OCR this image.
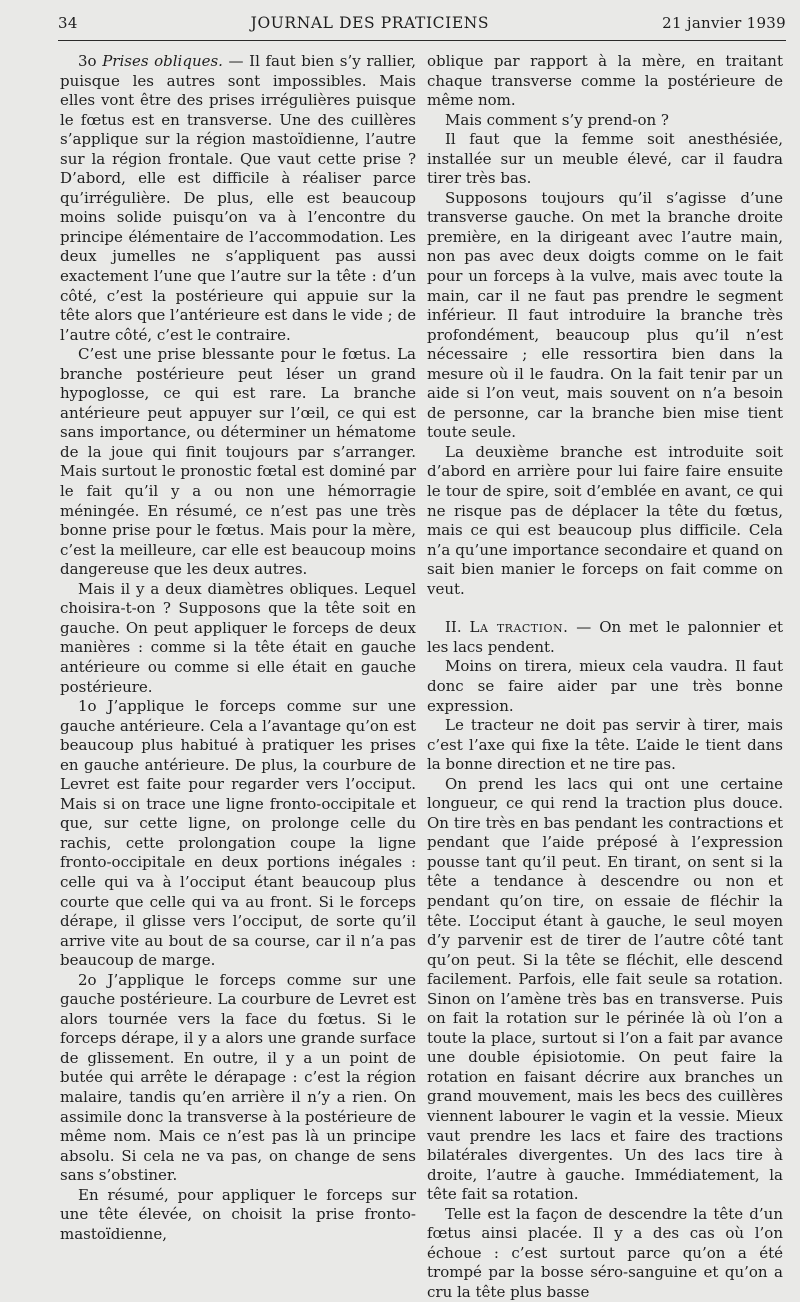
34	JOURNAL DES PRATICIENS	21 janvier 1939

3o Prises obliques. — Il faut bien s’y rallier, puisque les autres sont impossibles. Mais elles vont être des prises irrégulières puisque le fœtus est en transverse. Une des cuillères s’applique sur la région mastoïdienne, l’autre sur la région frontale. Que vaut cette prise ? D’abord, elle est difficile à réaliser parce qu’irrégulière. De plus, elle est beaucoup moins solide puisqu’on va à l’encontre du principe élémentaire de l’accommodation. Les deux jumelles ne s’appliquent pas aussi exactement l’une que l’autre sur la tête : d’un côté, c’est la postérieure qui appuie sur la tête alors que l’antérieure est dans le vide ; de l’autre côté, c’est le contraire.

C’est une prise blessante pour le fœtus. La branche postérieure peut léser un grand hypoglosse, ce qui est rare. La branche antérieure peut appuyer sur l’œil, ce qui est sans importance, ou déterminer un hématome de la joue qui finit toujours par s’arranger. Mais surtout le pronostic fœtal est dominé par le fait qu’il y a ou non une hémorragie méningée. En résumé, ce n’est pas une très bonne prise pour le fœtus. Mais pour la mère, c’est la meilleure, car elle est beaucoup moins dangereuse que les deux autres.

Mais il y a deux diamètres obliques. Lequel choisira-t-on ? Supposons que la tête soit en gauche. On peut appliquer le forceps de deux manières : comme si la tête était en gauche antérieure ou comme si elle était en gauche postérieure.

1o J’applique le forceps comme sur une gauche antérieure. Cela a l’avantage qu’on est beaucoup plus habitué à pratiquer les prises en gauche antérieure. De plus, la courbure de Levret est faite pour regarder vers l’occiput. Mais si on trace une ligne fronto-occipitale et que, sur cette ligne, on prolonge celle du rachis, cette prolongation coupe la ligne fronto-occipitale en deux portions inégales : celle qui va à l’occiput étant beaucoup plus courte que celle qui va au front. Si le forceps dérape, il glisse vers l’occiput, de sorte qu’il arrive vite au bout de sa course, car il n’a pas beaucoup de marge.

2o J’applique le forceps comme sur une gauche postérieure. La courbure de Levret est alors tournée vers la face du fœtus. Si le forceps dérape, il y a alors une grande surface de glissement. En outre, il y a un point de butée qui arrête le dérapage : c’est la région malaire, tandis qu’en arrière il n’y a rien. On assimile donc la transverse à la postérieure de même nom. Mais ce n’est pas là un principe absolu. Si cela ne va pas, on change de sens sans s’obstiner.

En résumé, pour appliquer le forceps sur une tête élevée, on choisit la prise fronto-mastoïdienne,

oblique par rapport à la mère, en traitant chaque transverse comme la postérieure de même nom.

Mais comment s’y prend-on ?

Il faut que la femme soit anesthésiée, installée sur un meuble élevé, car il faudra tirer très bas.

Supposons toujours qu’il s’agisse d’une transverse gauche. On met la branche droite première, en la dirigeant avec l’autre main, non pas avec deux doigts comme on le fait pour un forceps à la vulve, mais avec toute la main, car il ne faut pas prendre le segment inférieur. Il faut introduire la branche très profondément, beaucoup plus qu’il n’est nécessaire ; elle ressortira bien dans la mesure où il le faudra. On la fait tenir par un aide si l’on veut, mais souvent on n’a besoin de personne, car la branche bien mise tient toute seule.

La deuxième branche est introduite soit d’abord en arrière pour lui faire faire ensuite le tour de spire, soit d’emblée en avant, ce qui ne risque pas de déplacer la tête du fœtus, mais ce qui est beaucoup plus difficile. Cela n’a qu’une importance secondaire et quand on sait bien manier le forceps on fait comme on veut.

II. La traction. — On met le palonnier et les lacs pendent.

Moins on tirera, mieux cela vaudra. Il faut donc se faire aider par une très bonne expression.

Le tracteur ne doit pas servir à tirer, mais c’est l’axe qui fixe la tête. L’aide le tient dans la bonne direction et ne tire pas.

On prend les lacs qui ont une certaine longueur, ce qui rend la traction plus douce. On tire très en bas pendant les contractions et pendant que l’aide préposé à l’expression pousse tant qu’il peut. En tirant, on sent si la tête a tendance à descendre ou non et pendant qu’on tire, on essaie de fléchir la tête. L’occiput étant à gauche, le seul moyen d’y parvenir est de tirer de l’autre côté tant qu’on peut. Si la tête se fléchit, elle descend facilement. Parfois, elle fait seule sa rotation. Sinon on l’amène très bas en transverse. Puis on fait la rotation sur le périnée là où l’on a toute la place, surtout si l’on a fait par avance une double épisiotomie. On peut faire la rotation en faisant décrire aux branches un grand mouvement, mais les becs des cuillères viennent labourer le vagin et la vessie. Mieux vaut prendre les lacs et faire des tractions bilatérales divergentes. Un des lacs tire à droite, l’autre à gauche. Immédiatement, la tête fait sa rotation.

Telle est la façon de descendre la tête d’un fœtus ainsi placée. Il y a des cas où l’on échoue : c’est surtout parce qu’on a été trompé par la bosse séro-sanguine et qu’on a cru la tête plus basse
